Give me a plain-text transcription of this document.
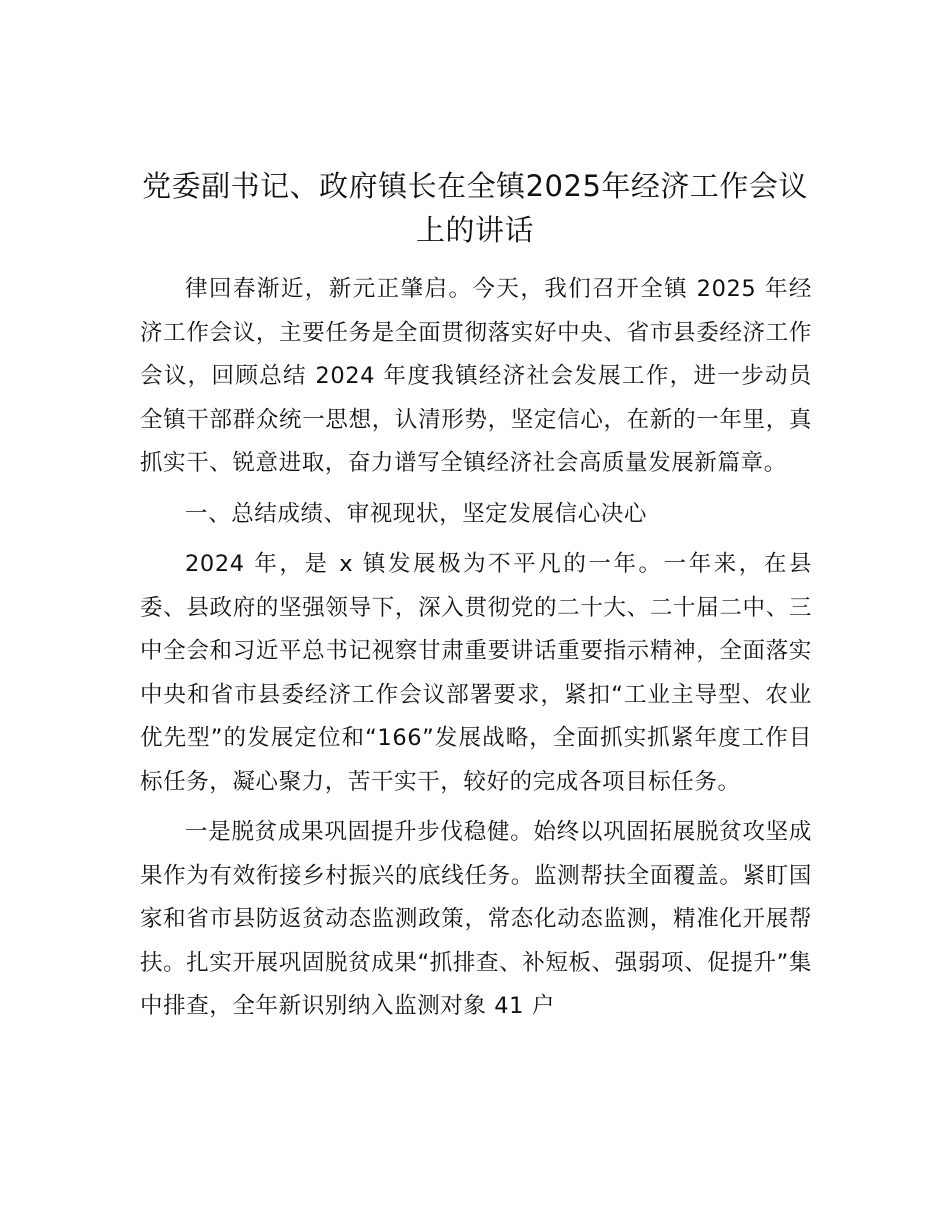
党委副书记、政府镇长在全镇2025年经济工作会议上的讲话

律回春渐近，新元正肇启。今天，我们召开全镇 2025 年经济工作会议，主要任务是全面贯彻落实好中央、省市县委经济工作会议，回顾总结 2024 年度我镇经济社会发展工作，进一步动员全镇干部群众统一思想，认清形势，坚定信心，在新的一年里，真抓实干、锐意进取，奋力谱写全镇经济社会高质量发展新篇章。

一、总结成绩、审视现状，坚定发展信心决心

2024 年，是 x 镇发展极为不平凡的一年。一年来，在县委、县政府的坚强领导下，深入贯彻党的二十大、二十届二中、三中全会和习近平总书记视察甘肃重要讲话重要指示精神，全面落实中央和省市县委经济工作会议部署要求，紧扣“工业主导型、农业优先型”的发展定位和“166”发展战略，全面抓实抓紧年度工作目标任务，凝心聚力，苦干实干，较好的完成各项目标任务。

一是脱贫成果巩固提升步伐稳健。始终以巩固拓展脱贫攻坚成果作为有效衔接乡村振兴的底线任务。监测帮扶全面覆盖。紧盯国家和省市县防返贫动态监测政策，常态化动态监测，精准化开展帮扶。扎实开展巩固脱贫成果“抓排查、补短板、强弱项、促提升”集中排查，全年新识别纳入监测对象 41 户
